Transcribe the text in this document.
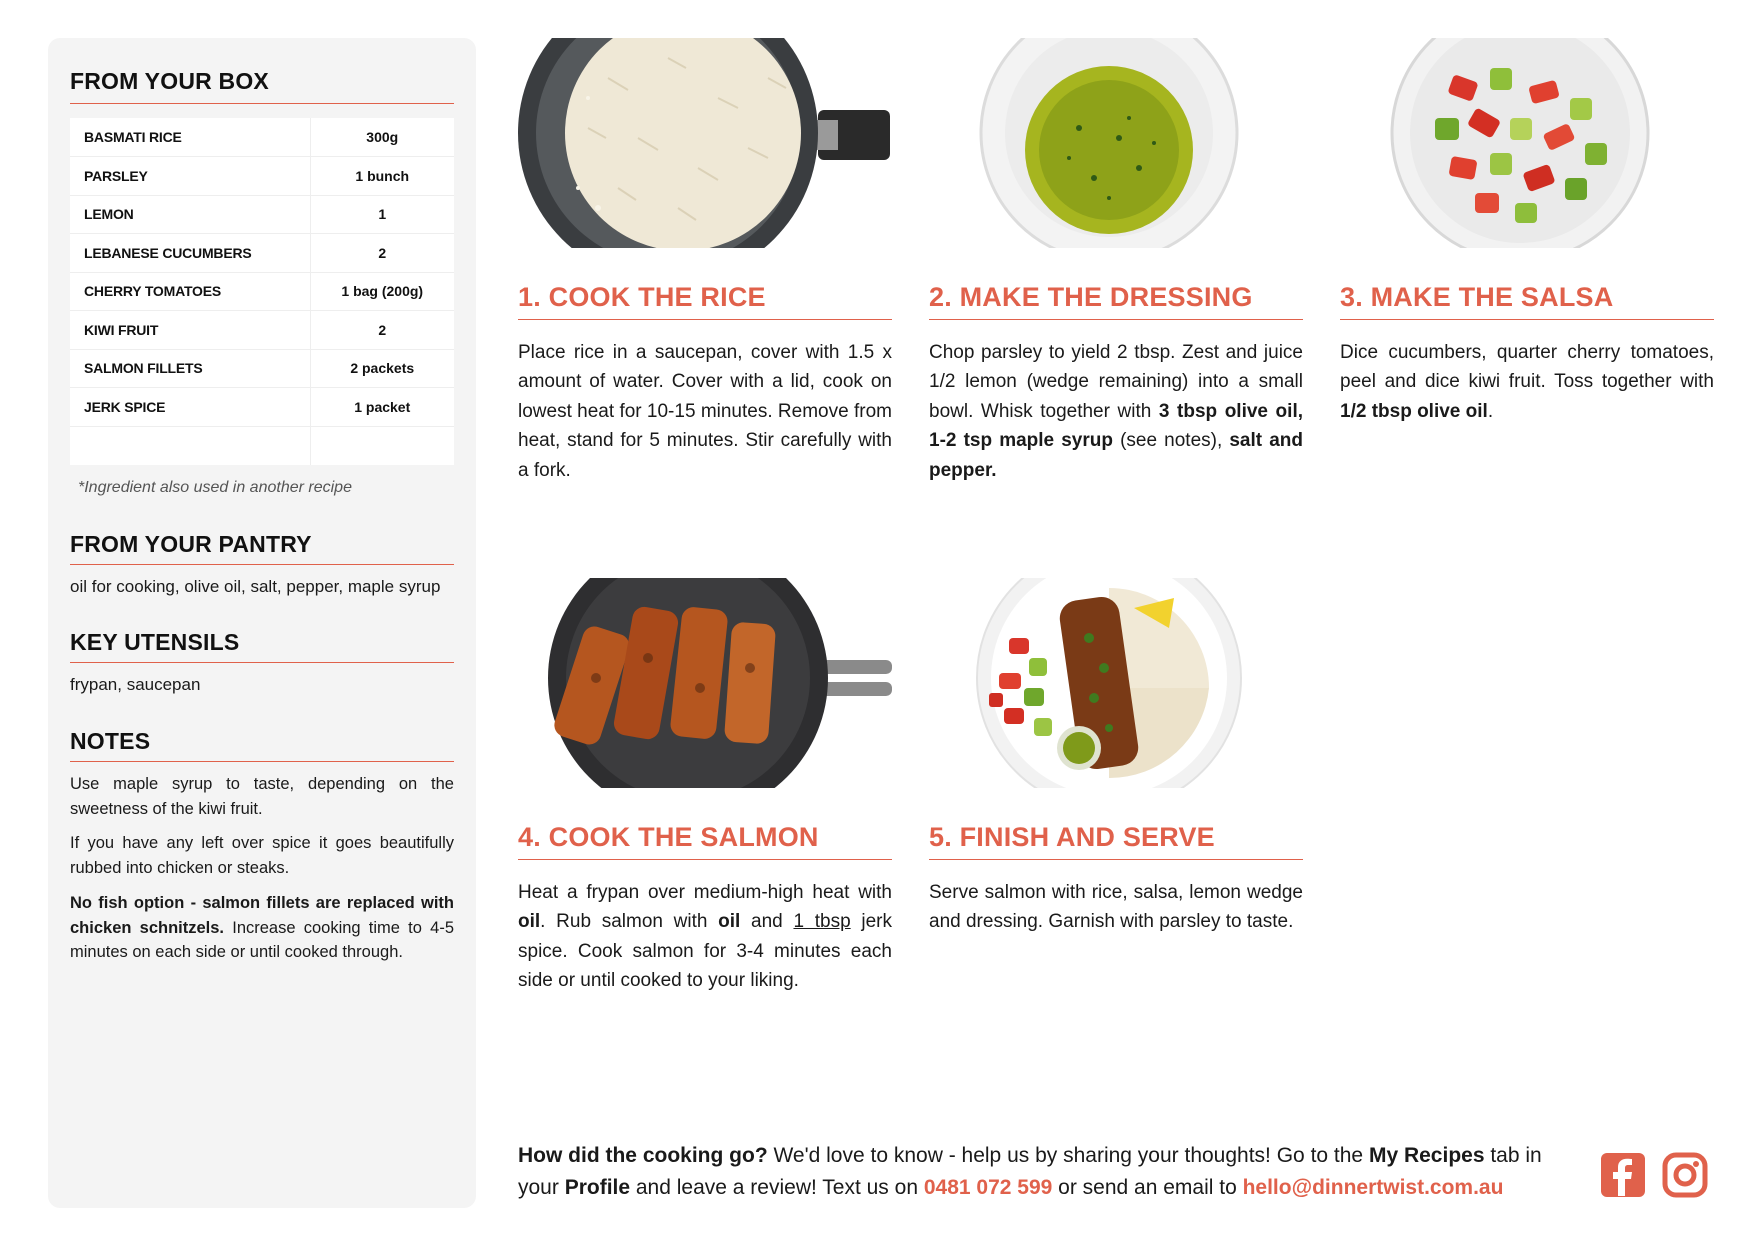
FROM YOUR BOX
BASMATI RICE	300g
PARSLEY	1 bunch
LEMON	1
LEBANESE CUCUMBERS	2
CHERRY TOMATOES	1 bag (200g)
KIWI FRUIT	2
SALMON FILLETS	2 packets
JERK SPICE	1 packet

*Ingredient also used in another recipe
FROM YOUR PANTRY
oil for cooking, olive oil, salt, pepper, maple syrup
KEY UTENSILS
frypan, saucepan
NOTES

Use maple syrup to taste, depending on the sweetness of the kiwi fruit.

If you have any left over spice it goes beautifully rubbed into chicken or steaks.

No fish option - salmon fillets are replaced with chicken schnitzels. Increase cooking time to 4-5 minutes on each side or until cooked through.

1. COOK THE RICE
Place rice in a saucepan, cover with 1.5 x amount of water. Cover with a lid, cook on lowest heat for 10-15 minutes. Remove from heat, stand for 5 minutes. Stir carefully with a fork.
2. MAKE THE DRESSING
Chop parsley to yield 2 tbsp. Zest and juice 1/2 lemon (wedge remaining) into a small bowl. Whisk together with 3 tbsp olive oil, 1-2 tsp maple syrup (see notes), salt and pepper.
3. MAKE THE SALSA
Dice cucumbers, quarter cherry tomatoes, peel and dice kiwi fruit. Toss together with 1/2 tbsp olive oil.
4. COOK THE SALMON
Heat a frypan over medium-high heat with oil. Rub salmon with oil and 1 tbsp jerk spice. Cook salmon for 3-4 minutes each side or until cooked to your liking.
5. FINISH AND SERVE
Serve salmon with rice, salsa, lemon wedge and dressing. Garnish with parsley to taste.
How did the cooking go? We'd love to know - help us by sharing your thoughts! Go to the My Recipes tab in your Profile and leave a review! Text us on 0481 072 599 or send an email to hello@dinnertwist.com.au
